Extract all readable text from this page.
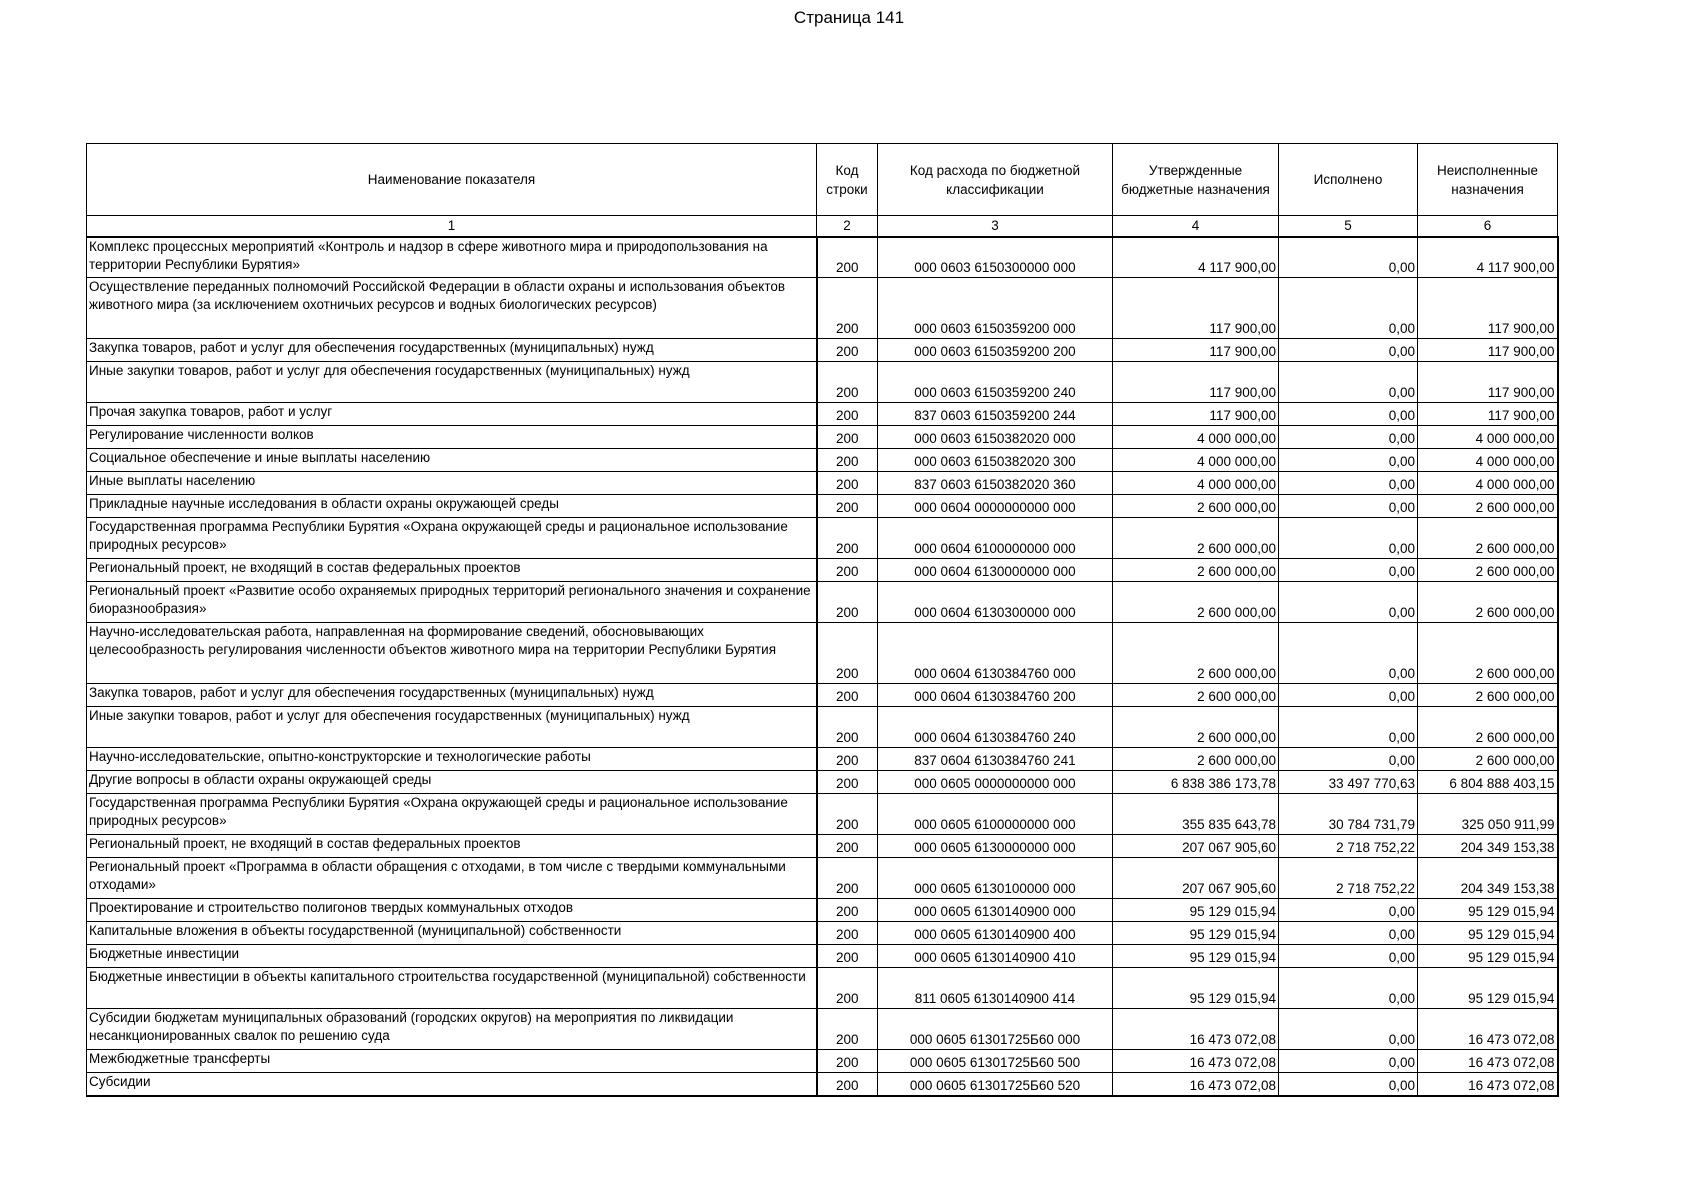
Страница 141
Наименование показателя	Код строки	Код расхода по бюджетной классификации	Утвержденные бюджетные назначения	Исполнено	Неисполненные назначения
1	2	3	4	5	6
Комплекс процессных мероприятий «Контроль и надзор в сфере животного мира и природопользования на территории Республики Бурятия»	200	000 0603 6150300000 000	4 117 900,00	0,00	4 117 900,00
Осуществление переданных полномочий Российской Федерации в области охраны и использования объектов животного мира (за исключением охотничьих ресурсов и водных биологических ресурсов)	200	000 0603 6150359200 000	117 900,00	0,00	117 900,00
Закупка товаров, работ и услуг для обеспечения государственных (муниципальных) нужд	200	000 0603 6150359200 200	117 900,00	0,00	117 900,00
Иные закупки товаров, работ и услуг для обеспечения государственных (муниципальных) нужд	200	000 0603 6150359200 240	117 900,00	0,00	117 900,00
Прочая закупка товаров, работ и услуг	200	837 0603 6150359200 244	117 900,00	0,00	117 900,00
Регулирование численности волков	200	000 0603 6150382020 000	4 000 000,00	0,00	4 000 000,00
Социальное обеспечение и иные выплаты населению	200	000 0603 6150382020 300	4 000 000,00	0,00	4 000 000,00
Иные выплаты населению	200	837 0603 6150382020 360	4 000 000,00	0,00	4 000 000,00
Прикладные научные исследования в области охраны окружающей среды	200	000 0604 0000000000 000	2 600 000,00	0,00	2 600 000,00
Государственная программа Республики Бурятия «Охрана окружающей среды и рациональное использование природных ресурсов»	200	000 0604 6100000000 000	2 600 000,00	0,00	2 600 000,00
Региональный проект, не входящий в состав федеральных проектов	200	000 0604 6130000000 000	2 600 000,00	0,00	2 600 000,00
Региональный проект «Развитие особо охраняемых природных территорий регионального значения и сохранение биоразнообразия»	200	000 0604 6130300000 000	2 600 000,00	0,00	2 600 000,00
Научно-исследовательская работа, направленная на формирование сведений, обосновывающих целесообразность регулирования численности объектов животного мира на территории Республики Бурятия	200	000 0604 6130384760 000	2 600 000,00	0,00	2 600 000,00
Закупка товаров, работ и услуг для обеспечения государственных (муниципальных) нужд	200	000 0604 6130384760 200	2 600 000,00	0,00	2 600 000,00
Иные закупки товаров, работ и услуг для обеспечения государственных (муниципальных) нужд	200	000 0604 6130384760 240	2 600 000,00	0,00	2 600 000,00
Научно-исследовательские, опытно-конструкторские и технологические работы	200	837 0604 6130384760 241	2 600 000,00	0,00	2 600 000,00
Другие вопросы в области охраны окружающей среды	200	000 0605 0000000000 000	6 838 386 173,78	33 497 770,63	6 804 888 403,15
Государственная программа Республики Бурятия «Охрана окружающей среды и рациональное использование природных ресурсов»	200	000 0605 6100000000 000	355 835 643,78	30 784 731,79	325 050 911,99
Региональный проект, не входящий в состав федеральных проектов	200	000 0605 6130000000 000	207 067 905,60	2 718 752,22	204 349 153,38
Региональный проект «Программа в области обращения с отходами, в том числе с твердыми коммунальными отходами»	200	000 0605 6130100000 000	207 067 905,60	2 718 752,22	204 349 153,38
Проектирование и строительство полигонов твердых коммунальных отходов	200	000 0605 6130140900 000	95 129 015,94	0,00	95 129 015,94
Капитальные вложения в объекты государственной (муниципальной) собственности	200	000 0605 6130140900 400	95 129 015,94	0,00	95 129 015,94
Бюджетные инвестиции	200	000 0605 6130140900 410	95 129 015,94	0,00	95 129 015,94
Бюджетные инвестиции в объекты капитального строительства государственной (муниципальной) собственности	200	811 0605 6130140900 414	95 129 015,94	0,00	95 129 015,94
Субсидии бюджетам муниципальных образований (городских округов) на мероприятия по ликвидации несанкционированных свалок по решению суда	200	000 0605 61301725Б60 000	16 473 072,08	0,00	16 473 072,08
Межбюджетные трансферты	200	000 0605 61301725Б60 500	16 473 072,08	0,00	16 473 072,08
Субсидии	200	000 0605 61301725Б60 520	16 473 072,08	0,00	16 473 072,08
